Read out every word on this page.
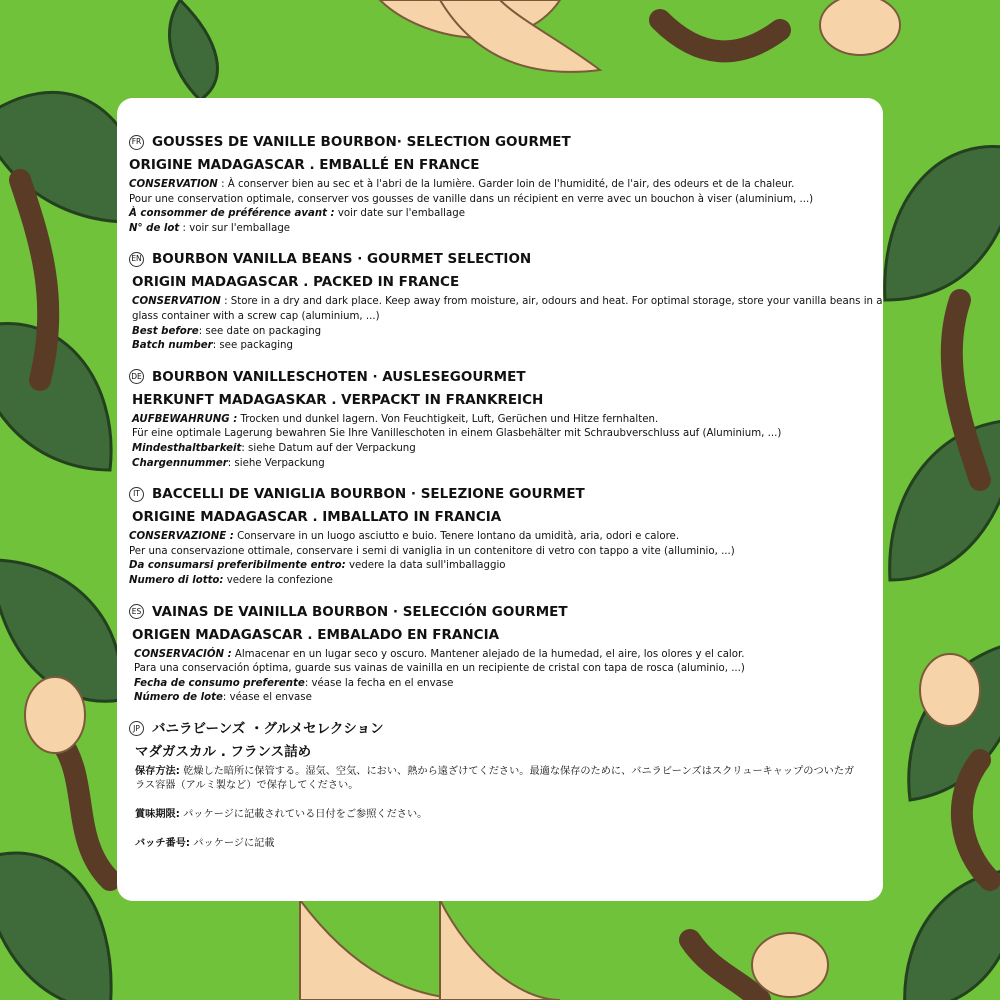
FR GOUSSES DE VANILLE BOURBON· SELECTION GOURMET
ORIGINE MADAGASCAR . EMBALLÉ EN FRANCE
CONSERVATION : À conserver bien au sec et à l'abri de la lumière. Garder loin de l'humidité, de l'air, des odeurs et de la chaleur.
Pour une conservation optimale, conserver vos gousses de vanille dans un récipient en verre avec un bouchon à viser (aluminium, ...)
À consommer de préférence avant : voir date sur l'emballage
N° de lot : voir sur l'emballage
EN BOURBON VANILLA BEANS · GOURMET SELECTION
ORIGIN MADAGASCAR . PACKED IN FRANCE
CONSERVATION : Store in a dry and dark place. Keep away from moisture, air, odours and heat. For optimal storage, store your vanilla beans in a
glass container with a screw cap (aluminium, ...)
Best before: see date on packaging
Batch number: see packaging
DE BOURBON VANILLESCHOTEN · AUSLESEGOURMET
HERKUNFT MADAGASKAR . VERPACKT IN FRANKREICH
AUFBEWAHRUNG : Trocken und dunkel lagern. Von Feuchtigkeit, Luft, Gerüchen und Hitze fernhalten.
Für eine optimale Lagerung bewahren Sie Ihre Vanilleschoten in einem Glasbehälter mit Schraubverschluss auf (Aluminium, ...)
Mindesthaltbarkeit: siehe Datum auf der Verpackung
Chargennummer: siehe Verpackung
IT BACCELLI DE VANIGLIA BOURBON · SELEZIONE GOURMET
ORIGINE MADAGASCAR . IMBALLATO IN FRANCIA
CONSERVAZIONE : Conservare in un luogo asciutto e buio. Tenere lontano da umidità, aria, odori e calore.
Per una conservazione ottimale, conservare i semi di vaniglia in un contenitore di vetro con tappo a vite (alluminio, ...)
Da consumarsi preferibilmente entro: vedere la data sull'imballaggio
Numero di lotto: vedere la confezione
ES VAINAS DE VAINILLA BOURBON · SELECCIÓN GOURMET
ORIGEN MADAGASCAR . EMBALADO EN FRANCIA
CONSERVACIÓN : Almacenar en un lugar seco y oscuro. Mantener alejado de la humedad, el aire, los olores y el calor.
Para una conservación óptima, guarde sus vainas de vainilla en un recipiente de cristal con tapa de rosca (aluminio, ...)
Fecha de consumo preferente: véase la fecha en el envase
Número de lote: véase el envase
JP バニラビーンズ ・グルメセレクション
マダガスカル . フランス詰め
保存方法: 乾燥した暗所に保管する。湿気、空気、におい、熱から遠ざけてください。最適な保存のために、バニラビーンズはスクリューキャップのついたガラス容器（アルミ製など）で保存してください。
賞味期限: パッケージに記載されている日付をご参照ください。
バッチ番号: パッケージに記載
